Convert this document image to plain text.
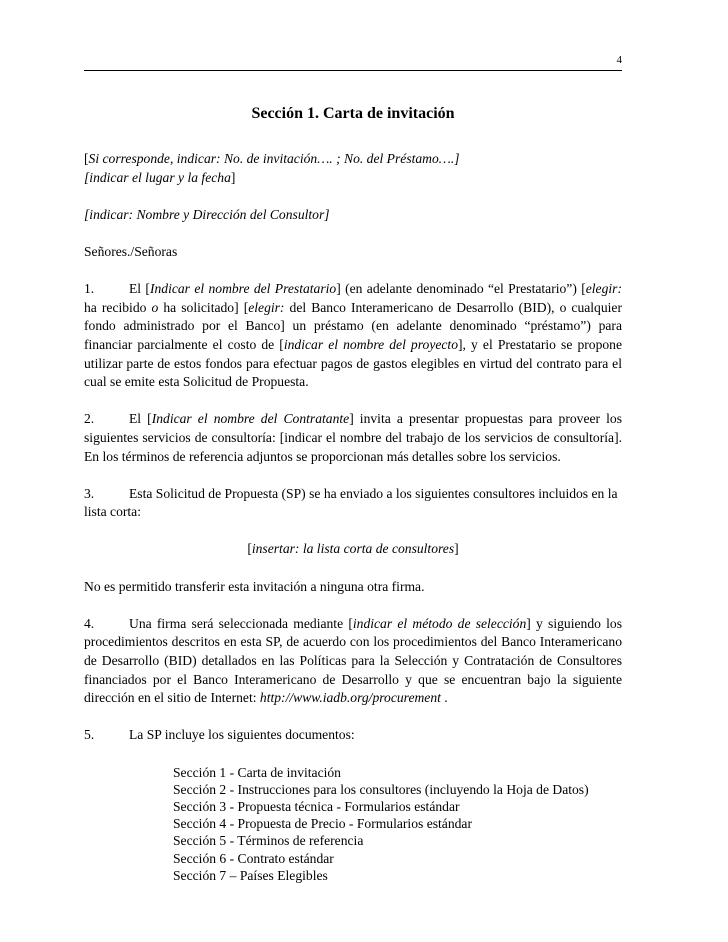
4
Sección 1. Carta de invitación

[Si corresponde, indicar: No. de invitación…. ; No. del Préstamo….]
[indicar el lugar y la fecha]

[indicar: Nombre y Dirección del Consultor]

Señores./Señoras

1.	El [Indicar el nombre del Prestatario] (en adelante denominado “el Prestatario”) [elegir: ha recibido o ha solicitado] [elegir: del Banco Interamericano de Desarrollo (BID), o cualquier fondo administrado por el Banco] un préstamo (en adelante denominado “préstamo”) para financiar parcialmente el costo de [indicar el nombre del proyecto], y el Prestatario se propone utilizar parte de estos fondos para efectuar pagos de gastos elegibles en virtud del contrato para el cual se emite esta Solicitud de Propuesta.

2.	El [Indicar el nombre del Contratante] invita a presentar propuestas para proveer los siguientes servicios de consultoría: [indicar el nombre del trabajo de los servicios de consultoría]. En los términos de referencia adjuntos se proporcionan más detalles sobre los servicios.

3.	Esta Solicitud de Propuesta (SP) se ha enviado a los siguientes consultores incluidos en la lista corta:

[insertar: la lista corta de consultores]

No es permitido transferir esta invitación a ninguna otra firma.

4.	Una firma será seleccionada mediante [indicar el método de selección] y siguiendo los procedimientos descritos en esta SP, de acuerdo con los procedimientos del Banco Interamericano de Desarrollo (BID) detallados en las Políticas para la Selección y Contratación de Consultores financiados por el Banco Interamericano de Desarrollo y que se encuentran bajo la siguiente dirección en el sitio de Internet: http://www.iadb.org/procurement .

5.	La SP incluye los siguientes documentos:

Sección 1 - Carta de invitación
Sección 2 - Instrucciones para los consultores (incluyendo la Hoja de Datos)
Sección 3 - Propuesta técnica - Formularios estándar
Sección 4 - Propuesta de Precio - Formularios estándar
Sección 5 - Términos de referencia
Sección 6 - Contrato estándar
Sección 7 – Países Elegibles
